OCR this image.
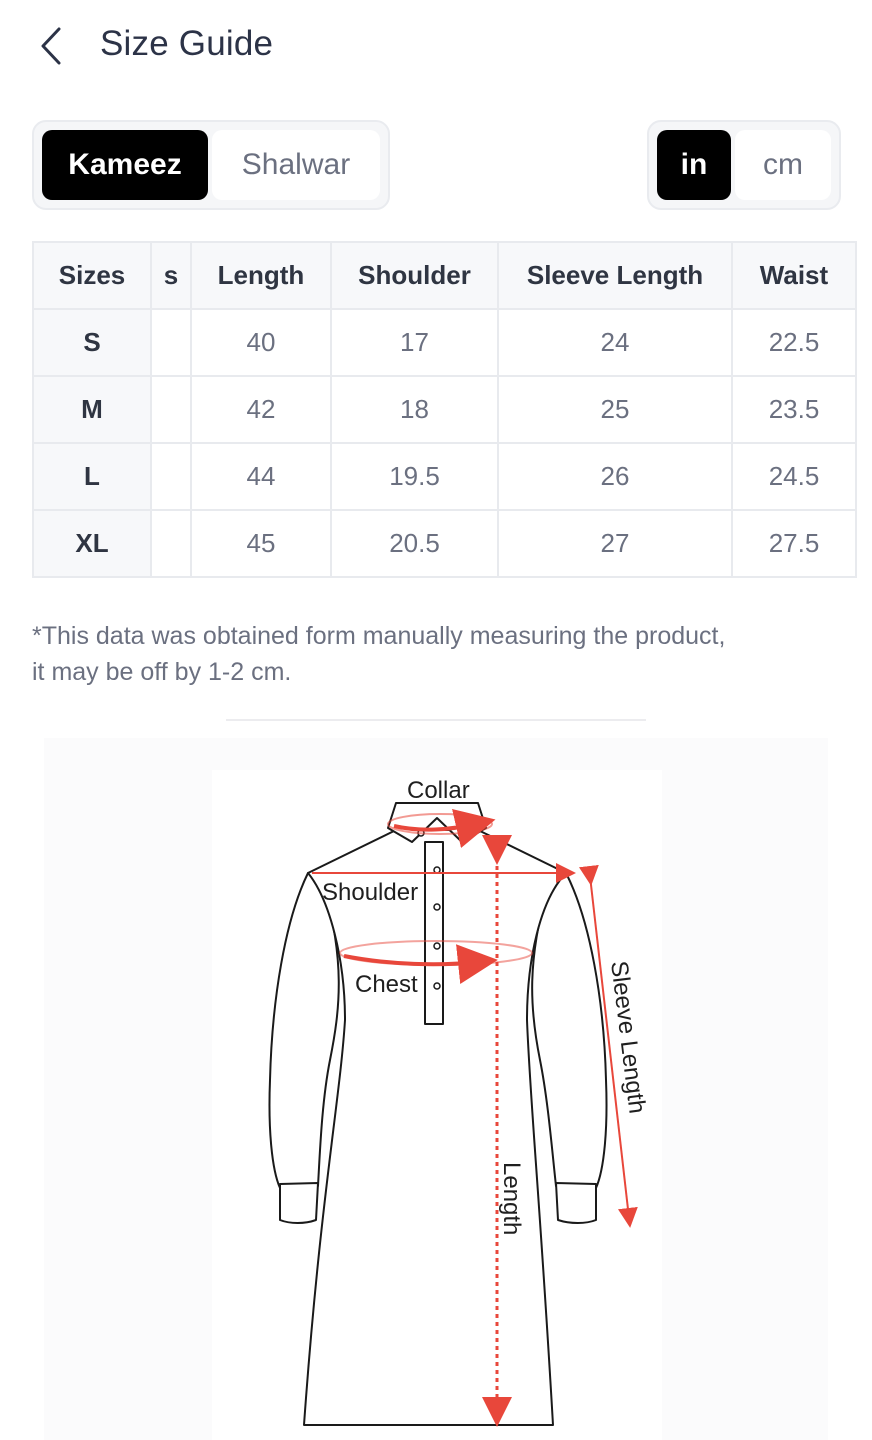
Size Guide
Kameez	Shalwar	in	cm
Sizes	s	Length	Shoulder	Sleeve Length	Waist
S		40	17	24	22.5
M		42	18	25	23.5
L		44	19.5	26	24.5
XL		45	20.5	27	27.5
*This data was obtained form manually measuring the product,
it may be off by 1-2 cm.
Collar
Shoulder
Chest	Sleeve Length
Length
